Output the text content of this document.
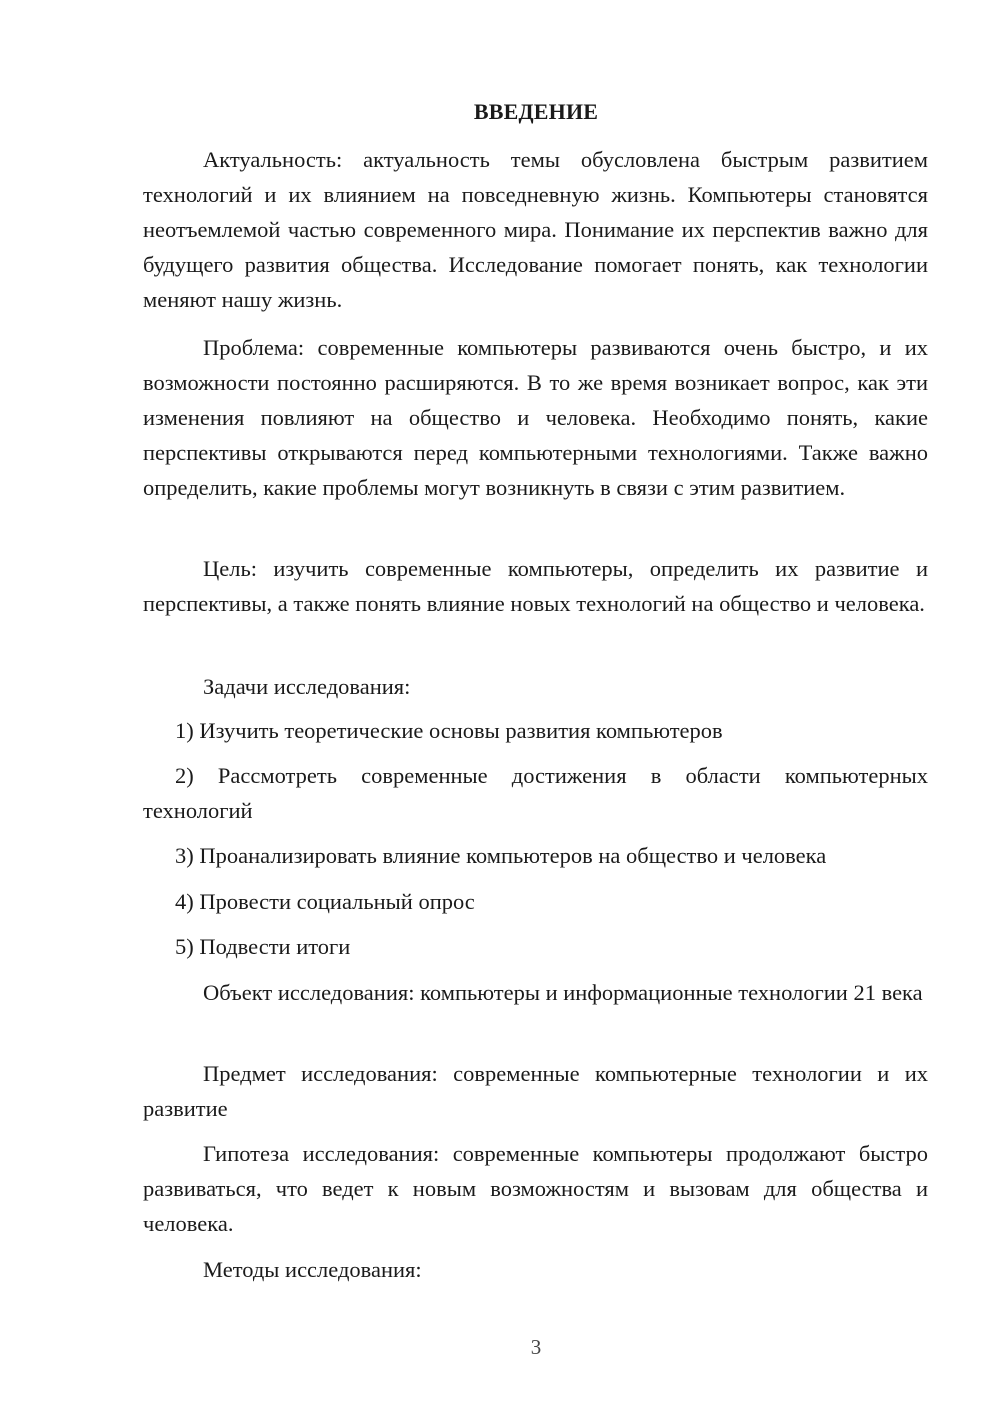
ВВЕДЕНИЕ

Актуальность: актуальность темы обусловлена быстрым развитием технологий и их влиянием на повседневную жизнь. Компьютеры становятся неотъемлемой частью современного мира. Понимание их перспектив важно для будущего развития общества. Исследование помогает понять, как технологии меняют нашу жизнь.

Проблема: современные компьютеры развиваются очень быстро, и их возможности постоянно расширяются. В то же время возникает вопрос, как эти изменения повлияют на общество и человека. Необходимо понять, какие перспективы открываются перед компьютерными технологиями. Также важно определить, какие проблемы могут возникнуть в связи с этим развитием.

Цель: изучить современные компьютеры, определить их развитие и перспективы, а также понять влияние новых технологий на общество и человека.

Задачи исследования:

1) Изучить теоретические основы развития компьютеров

2) Рассмотреть современные достижения в области компьютерных технологий

3) Проанализировать влияние компьютеров на общество и человека

4) Провести социальный опрос

5) Подвести итоги

Объект исследования: компьютеры и информационные технологии 21 века

Предмет исследования: современные компьютерные технологии и их развитие

Гипотеза исследования: современные компьютеры продолжают быстро развиваться, что ведет к новым возможностям и вызовам для общества и человека.

Методы исследования:

3
